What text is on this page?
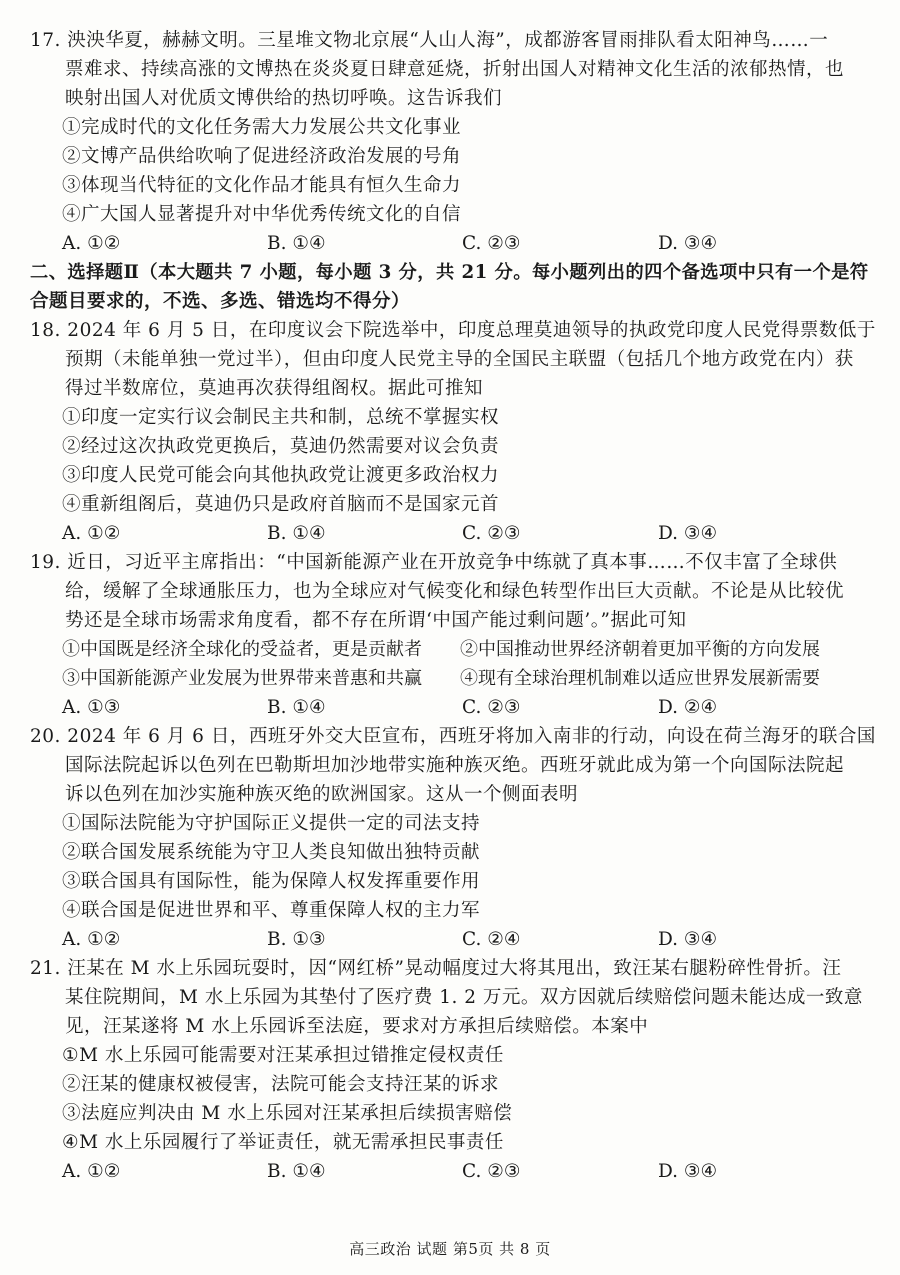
17. 泱泱华夏，赫赫文明。三星堆文物北京展“人山人海”，成都游客冒雨排队看太阳神鸟……一
票难求、持续高涨的文博热在炎炎夏日肆意延烧，折射出国人对精神文化生活的浓郁热情，也
映射出国人对优质文博供给的热切呼唤。这告诉我们
①完成时代的文化任务需大力发展公共文化事业
②文博产品供给吹响了促进经济政治发展的号角
③体现当代特征的文化作品才能具有恒久生命力
④广大国人显著提升对中华优秀传统文化的自信
A. ①②	B. ①④	C. ②③	D. ③④
二、选择题Ⅱ（本大题共 7 小题，每小题 3 分，共 21 分。每小题列出的四个备选项中只有一个是符
合题目要求的，不选、多选、错选均不得分）
18. 2024 年 6 月 5 日，在印度议会下院选举中，印度总理莫迪领导的执政党印度人民党得票数低于
预期（未能单独一党过半），但由印度人民党主导的全国民主联盟（包括几个地方政党在内）获
得过半数席位，莫迪再次获得组阁权。据此可推知
①印度一定实行议会制民主共和制，总统不掌握实权
②经过这次执政党更换后，莫迪仍然需要对议会负责
③印度人民党可能会向其他执政党让渡更多政治权力
④重新组阁后，莫迪仍只是政府首脑而不是国家元首
A. ①②	B. ①④	C. ②③	D. ③④
19. 近日，习近平主席指出：“中国新能源产业在开放竞争中练就了真本事……不仅丰富了全球供
给，缓解了全球通胀压力，也为全球应对气候变化和绿色转型作出巨大贡献。不论是从比较优
势还是全球市场需求角度看，都不存在所谓‘中国产能过剩问题’。”据此可知
①中国既是经济全球化的受益者，更是贡献者 ②中国推动世界经济朝着更加平衡的方向发展
③中国新能源产业发展为世界带来普惠和共赢 ④现有全球治理机制难以适应世界发展新需要
A. ①③	B. ①④	C. ②③	D. ②④
20. 2024 年 6 月 6 日，西班牙外交大臣宣布，西班牙将加入南非的行动，向设在荷兰海牙的联合国
国际法院起诉以色列在巴勒斯坦加沙地带实施种族灭绝。西班牙就此成为第一个向国际法院起
诉以色列在加沙实施种族灭绝的欧洲国家。这从一个侧面表明
①国际法院能为守护国际正义提供一定的司法支持
②联合国发展系统能为守卫人类良知做出独特贡献
③联合国具有国际性，能为保障人权发挥重要作用
④联合国是促进世界和平、尊重保障人权的主力军
A. ①②	B. ①③	C. ②④	D. ③④
21. 汪某在 M 水上乐园玩耍时，因“网红桥”晃动幅度过大将其甩出，致汪某右腿粉碎性骨折。汪
某住院期间，M 水上乐园为其垫付了医疗费 1. 2 万元。双方因就后续赔偿问题未能达成一致意
见，汪某遂将 M 水上乐园诉至法庭，要求对方承担后续赔偿。本案中
①M 水上乐园可能需要对汪某承担过错推定侵权责任
②汪某的健康权被侵害，法院可能会支持汪某的诉求
③法庭应判决由 M 水上乐园对汪某承担后续损害赔偿
④M 水上乐园履行了举证责任，就无需承担民事责任
A. ①②	B. ①④	C. ②③	D. ③④
高三政治 试题 第5页 共 8 页
